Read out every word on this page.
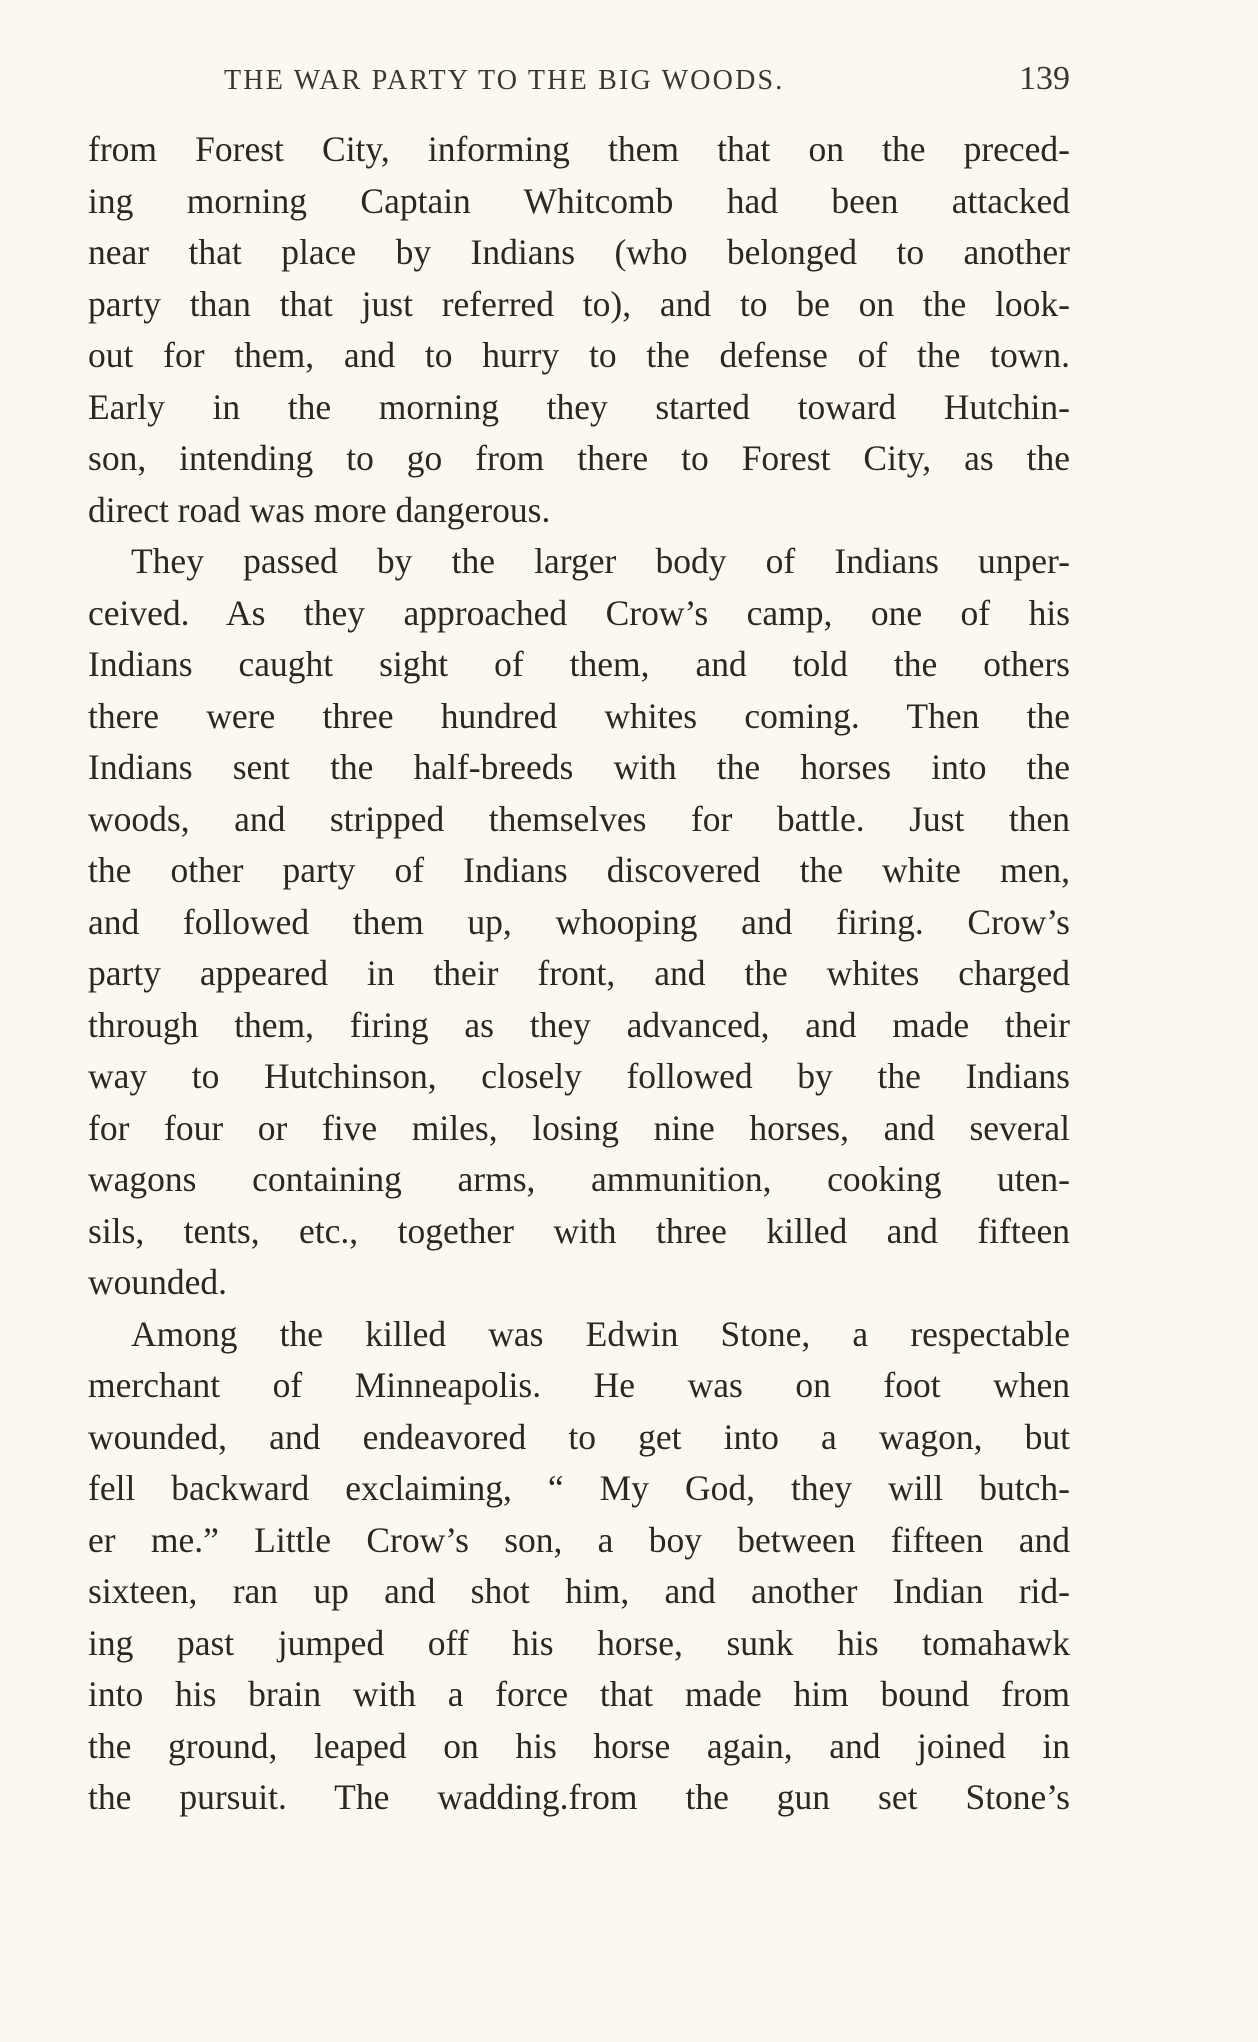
THE WAR PARTY TO THE BIG WOODS.	139
from Forest City, informing them that on the preced-
ing morning Captain Whitcomb had been attacked
near that place by Indians (who belonged to another
party than that just referred to), and to be on the look-
out for them, and to hurry to the defense of the town.
Early in the morning they started toward Hutchin-
son, intending to go from there to Forest City, as the
direct road was more dangerous.
They passed by the larger body of Indians unper-
ceived. As they approached Crow’s camp, one of his
Indians caught sight of them, and told the others
there were three hundred whites coming. Then the
Indians sent the half-breeds with the horses into the
woods, and stripped themselves for battle. Just then
the other party of Indians discovered the white men,
and followed them up, whooping and firing. Crow’s
party appeared in their front, and the whites charged
through them, firing as they advanced, and made their
way to Hutchinson, closely followed by the Indians
for four or five miles, losing nine horses, and several
wagons containing arms, ammunition, cooking uten-
sils, tents, etc., together with three killed and fifteen
wounded.
Among the killed was Edwin Stone, a respectable
merchant of Minneapolis. He was on foot when
wounded, and endeavored to get into a wagon, but
fell backward exclaiming, “ My God, they will butch-
er me.” Little Crow’s son, a boy between fifteen and
sixteen, ran up and shot him, and another Indian rid-
ing past jumped off his horse, sunk his tomahawk
into his brain with a force that made him bound from
the ground, leaped on his horse again, and joined in
the pursuit. The wadding.from the gun set Stone’s
